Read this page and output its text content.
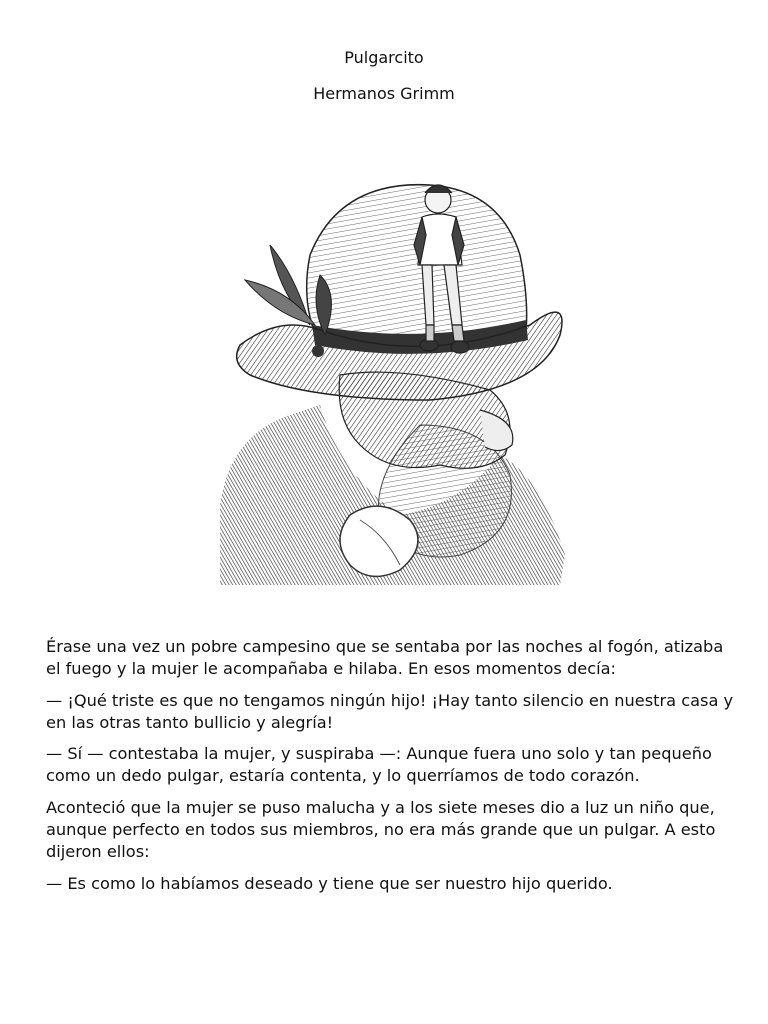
Pulgarcito
Hermanos Grimm

Érase una vez un pobre campesino que se sentaba por las noches al fogón, atizaba el fuego y la mujer le acompañaba e hilaba. En esos momentos decía:

— ¡Qué triste es que no tengamos ningún hijo! ¡Hay tanto silencio en nuestra casa y en las otras tanto bullicio y alegría!

— Sí — contestaba la mujer, y suspiraba —: Aunque fuera uno solo y tan pequeño como un dedo pulgar, estaría contenta, y lo querríamos de todo corazón.

Aconteció que la mujer se puso malucha y a los siete meses dio a luz un niño que, aunque perfecto en todos sus miembros, no era más grande que un pulgar. A esto dijeron ellos:

— Es como lo habíamos deseado y tiene que ser nuestro hijo querido.
